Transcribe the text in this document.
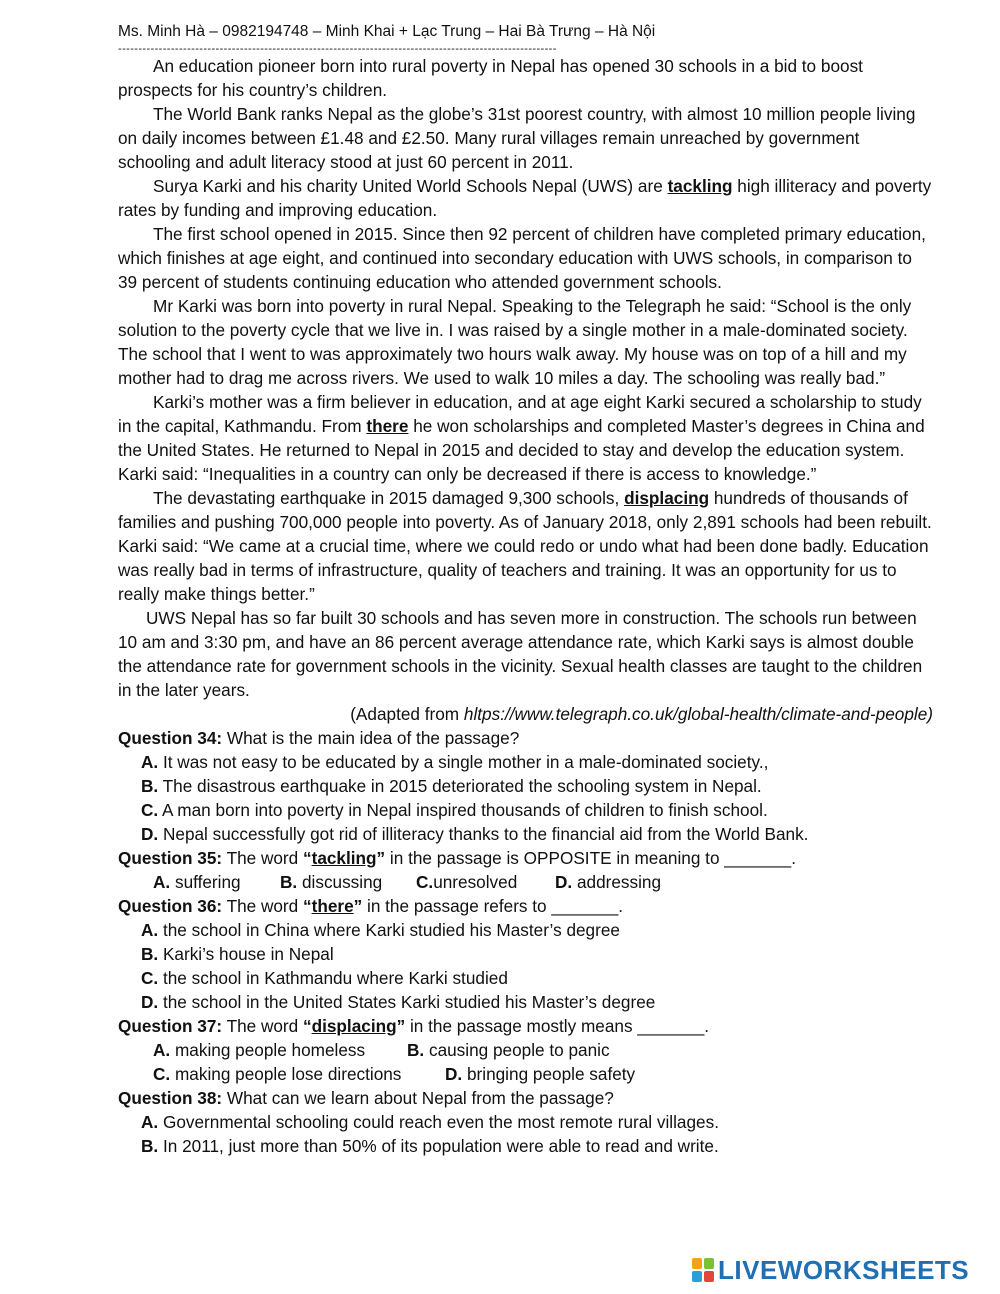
Ms. Minh Hà – 0982194748 – Minh Khai + Lạc Trung – Hai Bà Trưng – Hà Nội
------------------------------------------------------------------------------------------------------------

An education pioneer born into rural poverty in Nepal has opened 30 schools in a bid to boost prospects for his country’s children.

The World Bank ranks Nepal as the globe’s 31st poorest country, with almost 10 million people living on daily incomes between £1.48 and £2.50. Many rural villages remain unreached by government schooling and adult literacy stood at just 60 percent in 2011.

Surya Karki and his charity United World Schools Nepal (UWS) are tackling high illiteracy and poverty rates by funding and improving education.

The first school opened in 2015. Since then 92 percent of children have completed primary education, which finishes at age eight, and continued into secondary education with UWS schools, in comparison to 39 percent of students continuing education who attended government schools.

Mr Karki was born into poverty in rural Nepal. Speaking to the Telegraph he said: “School is the only solution to the poverty cycle that we live in. I was raised by a single mother in a male-dominated society. The school that I went to was approximately two hours walk away. My house was on top of a hill and my mother had to drag me across rivers. We used to walk 10 miles a day. The schooling was really bad.”

Karki’s mother was a firm believer in education, and at age eight Karki secured a scholarship to study in the capital, Kathmandu. From there he won scholarships and completed Master’s degrees in China and the United States. He returned to Nepal in 2015 and decided to stay and develop the education system. Karki said: “Inequalities in a country can only be decreased if there is access to knowledge.”

The devastating earthquake in 2015 damaged 9,300 schools, displacing hundreds of thousands of families and pushing 700,000 people into poverty. As of January 2018, only 2,891 schools had been rebuilt. Karki said: “We came at a crucial time, where we could redo or undo what had been done badly. Education was really bad in terms of infrastructure, quality of teachers and training. It was an opportunity for us to really make things better.”

UWS Nepal has so far built 30 schools and has seven more in construction. The schools run between 10 am and 3:30 pm, and have an 86 percent average attendance rate, which Karki says is almost double the attendance rate for government schools in the vicinity. Sexual health classes are taught to the children in the later years.

(Adapted from hltps://www.telegraph.co.uk/global-health/climate-and-people)

Question 34: What is the main idea of the passage?

A. It was not easy to be educated by a single mother in a male-dominated society.,

B. The disastrous earthquake in 2015 deteriorated the schooling system in Nepal.

C. A man born into poverty in Nepal inspired thousands of children to finish school.

D. Nepal successfully got rid of illiteracy thanks to the financial aid from the World Bank.

Question 35: The word “tackling” in the passage is OPPOSITE in meaning to _______.

A. suffering B. discussing C.unresolved D. addressing

Question 36: The word “there” in the passage refers to _______.

A. the school in China where Karki studied his Master’s degree

B. Karki’s house in Nepal

C. the school in Kathmandu where Karki studied

D. the school in the United States Karki studied his Master’s degree

Question 37: The word “displacing” in the passage mostly means _______.

A. making people homeless B. causing people to panic

C. making people lose directions	D. bringing people safety

Question 38: What can we learn about Nepal from the passage?

A. Governmental schooling could reach even the most remote rural villages.

B. In 2011, just more than 50% of its population were able to read and write.

LIVEWORKSHEETS
